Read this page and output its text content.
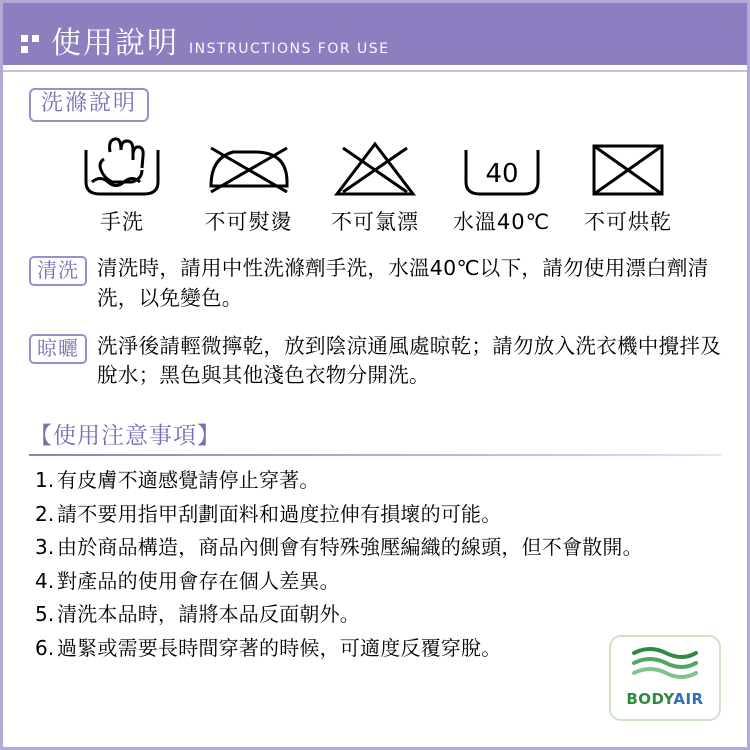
使用說明 INSTRUCTIONS FOR USE
洗滌說明
手洗	不可熨燙	不可氯漂
40
水溫40℃	不可烘乾
清洗 清洗時，請用中性洗滌劑手洗，水溫40℃以下，請勿使用漂白劑清洗，以免變色。
晾曬 洗淨後請輕微擰乾，放到陰涼通風處晾乾；請勿放入洗衣機中攪拌及脫水；黑色與其他淺色衣物分開洗。
【使用注意事項】
1. 有皮膚不適感覺請停止穿著。
2. 請不要用指甲刮劃面料和過度拉伸有損壞的可能。
3. 由於商品構造，商品內側會有特殊強壓編織的線頭，但不會散開。
4. 對產品的使用會存在個人差異。
5. 清洗本品時，請將本品反面朝外。
6. 過緊或需要長時間穿著的時候，可適度反覆穿脫。
BODYAIR
